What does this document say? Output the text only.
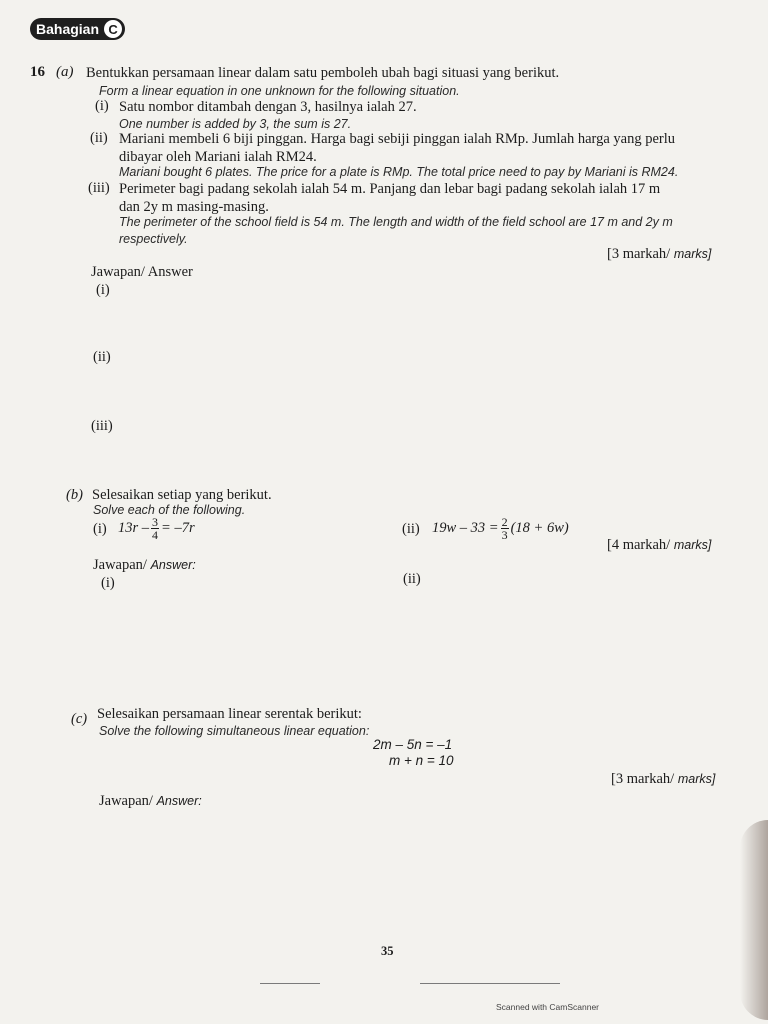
Bahagian C
16 (a) Bentukkan persamaan linear dalam satu pemboleh ubah bagi situasi yang berikut.
Form a linear equation in one unknown for the following situation.
(i) Satu nombor ditambah dengan 3, hasilnya ialah 27.
One number is added by 3, the sum is 27.
(ii) Mariani membeli 6 biji pinggan. Harga bagi sebiji pinggan ialah RMp. Jumlah harga yang perlu
dibayar oleh Mariani ialah RM24.
Mariani bought 6 plates. The price for a plate is RMp. The total price need to pay by Mariani is RM24.
(iii) Perimeter bagi padang sekolah ialah 54 m. Panjang dan lebar bagi padang sekolah ialah 17 m
dan 2y m masing-masing.
The perimeter of the school field is 54 m. The length and width of the field school are 17 m and 2y m
respectively.
[3 markah/ marks]
Jawapan/ Answer
(i)
(ii)
(iii)
(b) Selesaikan setiap yang berikut.
Solve each of the following.
(i) $13r - \frac{3}{4} = -7r$	(ii) $19w - 33 = \frac{2}{3} (18 + 6w)$
[4 markah/ marks]
Jawapan/ Answer:
(i)	(ii)
(c) Selesaikan persamaan linear serentak berikut:
Solve the following simultaneous linear equation:
2m – 5n = –1
m + n = 10
[3 markah/ marks]
Jawapan/ Answer:
35
Scanned with CamScanner
